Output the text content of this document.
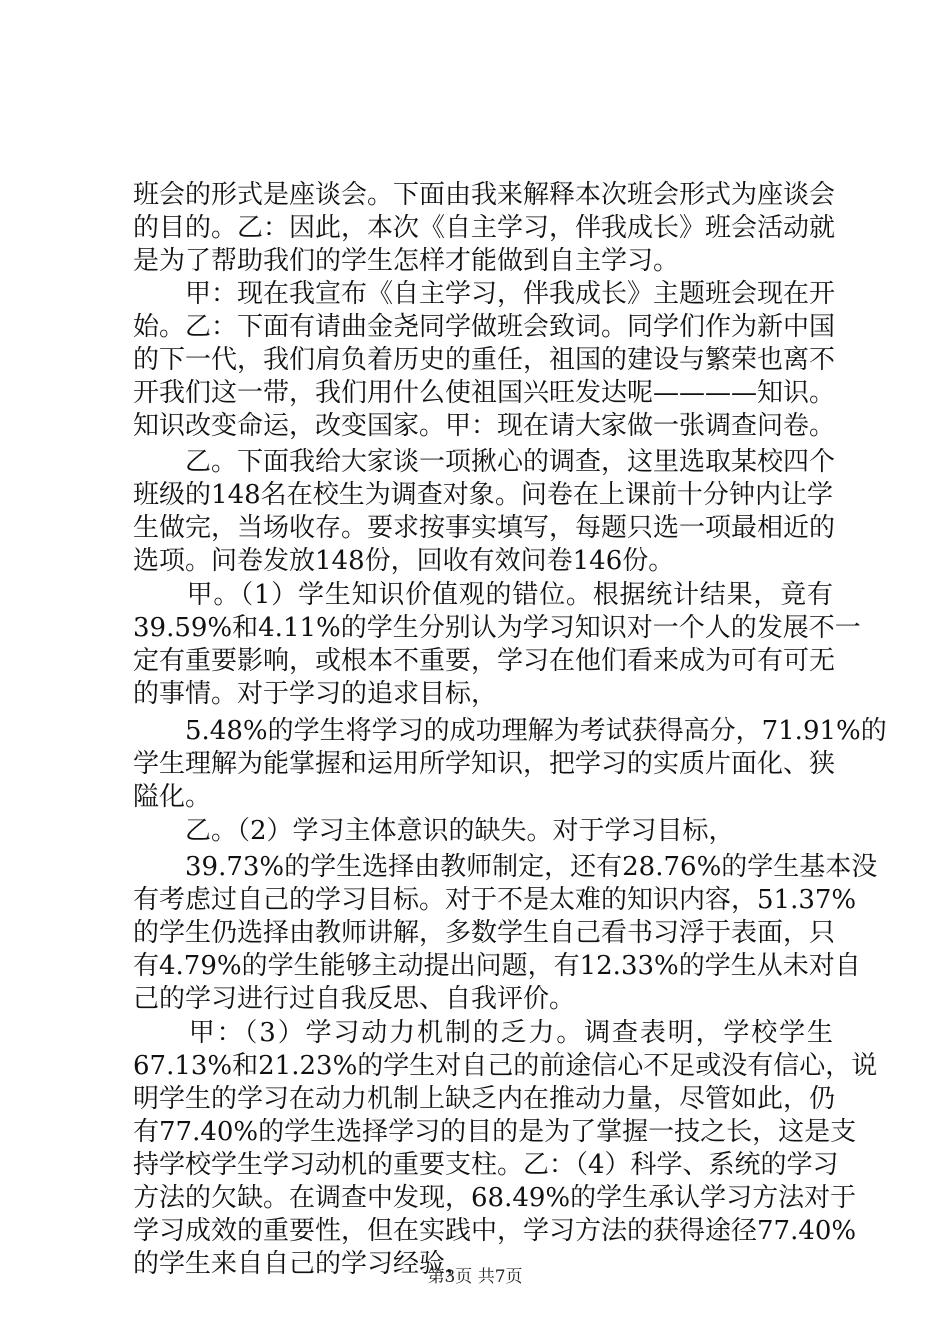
班会的形式是座谈会。下面由我来解释本次班会形式为座谈会
的目的。乙：因此，本次《自主学习，伴我成长》班会活动就
是为了帮助我们的学生怎样才能做到自主学习。
　　甲：现在我宣布《自主学习，伴我成长》主题班会现在开
始。乙：下面有请曲金尧同学做班会致词。同学们作为新中国
的下一代，我们肩负着历史的重任，祖国的建设与繁荣也离不
开我们这一带，我们用什么使祖国兴旺发达呢————知识。
知识改变命运，改变国家。甲：现在请大家做一张调查问卷。
　　乙。下面我给大家谈一项揪心的调查，这里选取某校四个
班级的148名在校生为调查对象。问卷在上课前十分钟内让学
生做完，当场收存。要求按事实填写，每题只选一项最相近的
选项。问卷发放148份，回收有效问卷146份。
　　甲。（1）学生知识价值观的错位。根据统计结果，竟有
39.59%和4.11%的学生分别认为学习知识对一个人的发展不一
定有重要影响，或根本不重要，学习在他们看来成为可有可无
的事情。对于学习的追求目标，
　　5.48%的学生将学习的成功理解为考试获得高分，71.91%的
学生理解为能掌握和运用所学知识，把学习的实质片面化、狭
隘化。
　　乙。（2）学习主体意识的缺失。对于学习目标，
　　39.73%的学生选择由教师制定，还有28.76%的学生基本没
有考虑过自己的学习目标。对于不是太难的知识内容，51.37%
的学生仍选择由教师讲解，多数学生自己看书习浮于表面，只
有4.79%的学生能够主动提出问题，有12.33%的学生从未对自
己的学习进行过自我反思、自我评价。
　　甲：（3）学习动力机制的乏力。调查表明，学校学生
67.13%和21.23%的学生对自己的前途信心不足或没有信心，说
明学生的学习在动力机制上缺乏内在推动力量，尽管如此，仍
有77.40%的学生选择学习的目的是为了掌握一技之长，这是支
持学校学生学习动机的重要支柱。乙：（4）科学、系统的学习
方法的欠缺。在调查中发现，68.49%的学生承认学习方法对于
学习成效的重要性，但在实践中，学习方法的获得途径77.40%
的学生来自自己的学习经验，
第3页 共7页
